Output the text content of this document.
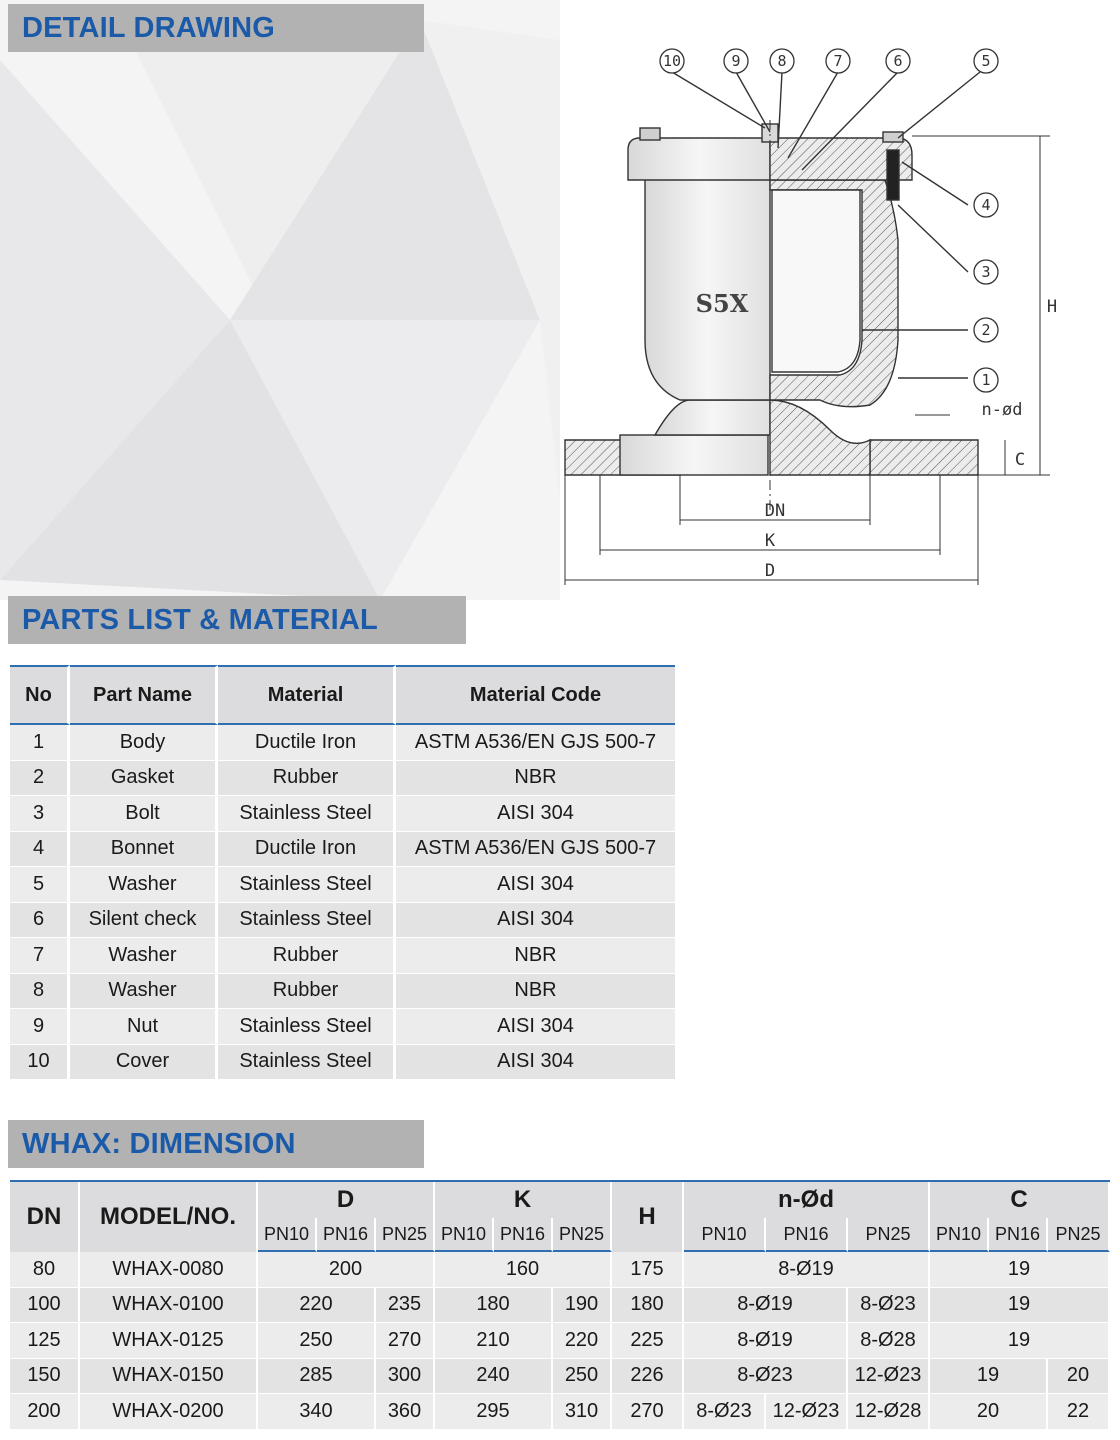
DETAIL DRAWING
10	9 8	7	6	5
4
3
2
1
S5X	H
n-ød
C
DN
K
D
PARTS LIST & MATERIAL
No	Part Name	Material	Material Code
1	Body	Ductile Iron	ASTM A536/EN GJS 500-7
2	Gasket	Rubber	NBR
3	Bolt	Stainless Steel	AISI 304
4	Bonnet	Ductile Iron	ASTM A536/EN GJS 500-7
5	Washer	Stainless Steel	AISI 304
6	Silent check	Stainless Steel	AISI 304
7	Washer	Rubber	NBR
8	Washer	Rubber	NBR
9	Nut	Stainless Steel	AISI 304
10	Cover	Stainless Steel	AISI 304
WHAX: DIMENSION
DN	MODEL/NO.	D			K			H	n-Ød			C		
		PN10	PN16	PN25	PN10	PN16	PN25		PN10	PN16	PN25	PN10	PN16	PN25
80	WHAX-0080	200			160			175	8-Ø19			19		
100	WHAX-0100	220		235	180		190	180	8-Ø19		8-Ø23	19		
125	WHAX-0125	250		270	210		220	225	8-Ø19		8-Ø28	19		
150	WHAX-0150	285		300	240		250	226	8-Ø23		12-Ø23	19		20
200	WHAX-0200	340		360	295		310	270	8-Ø23	12-Ø23	12-Ø28	20		22
